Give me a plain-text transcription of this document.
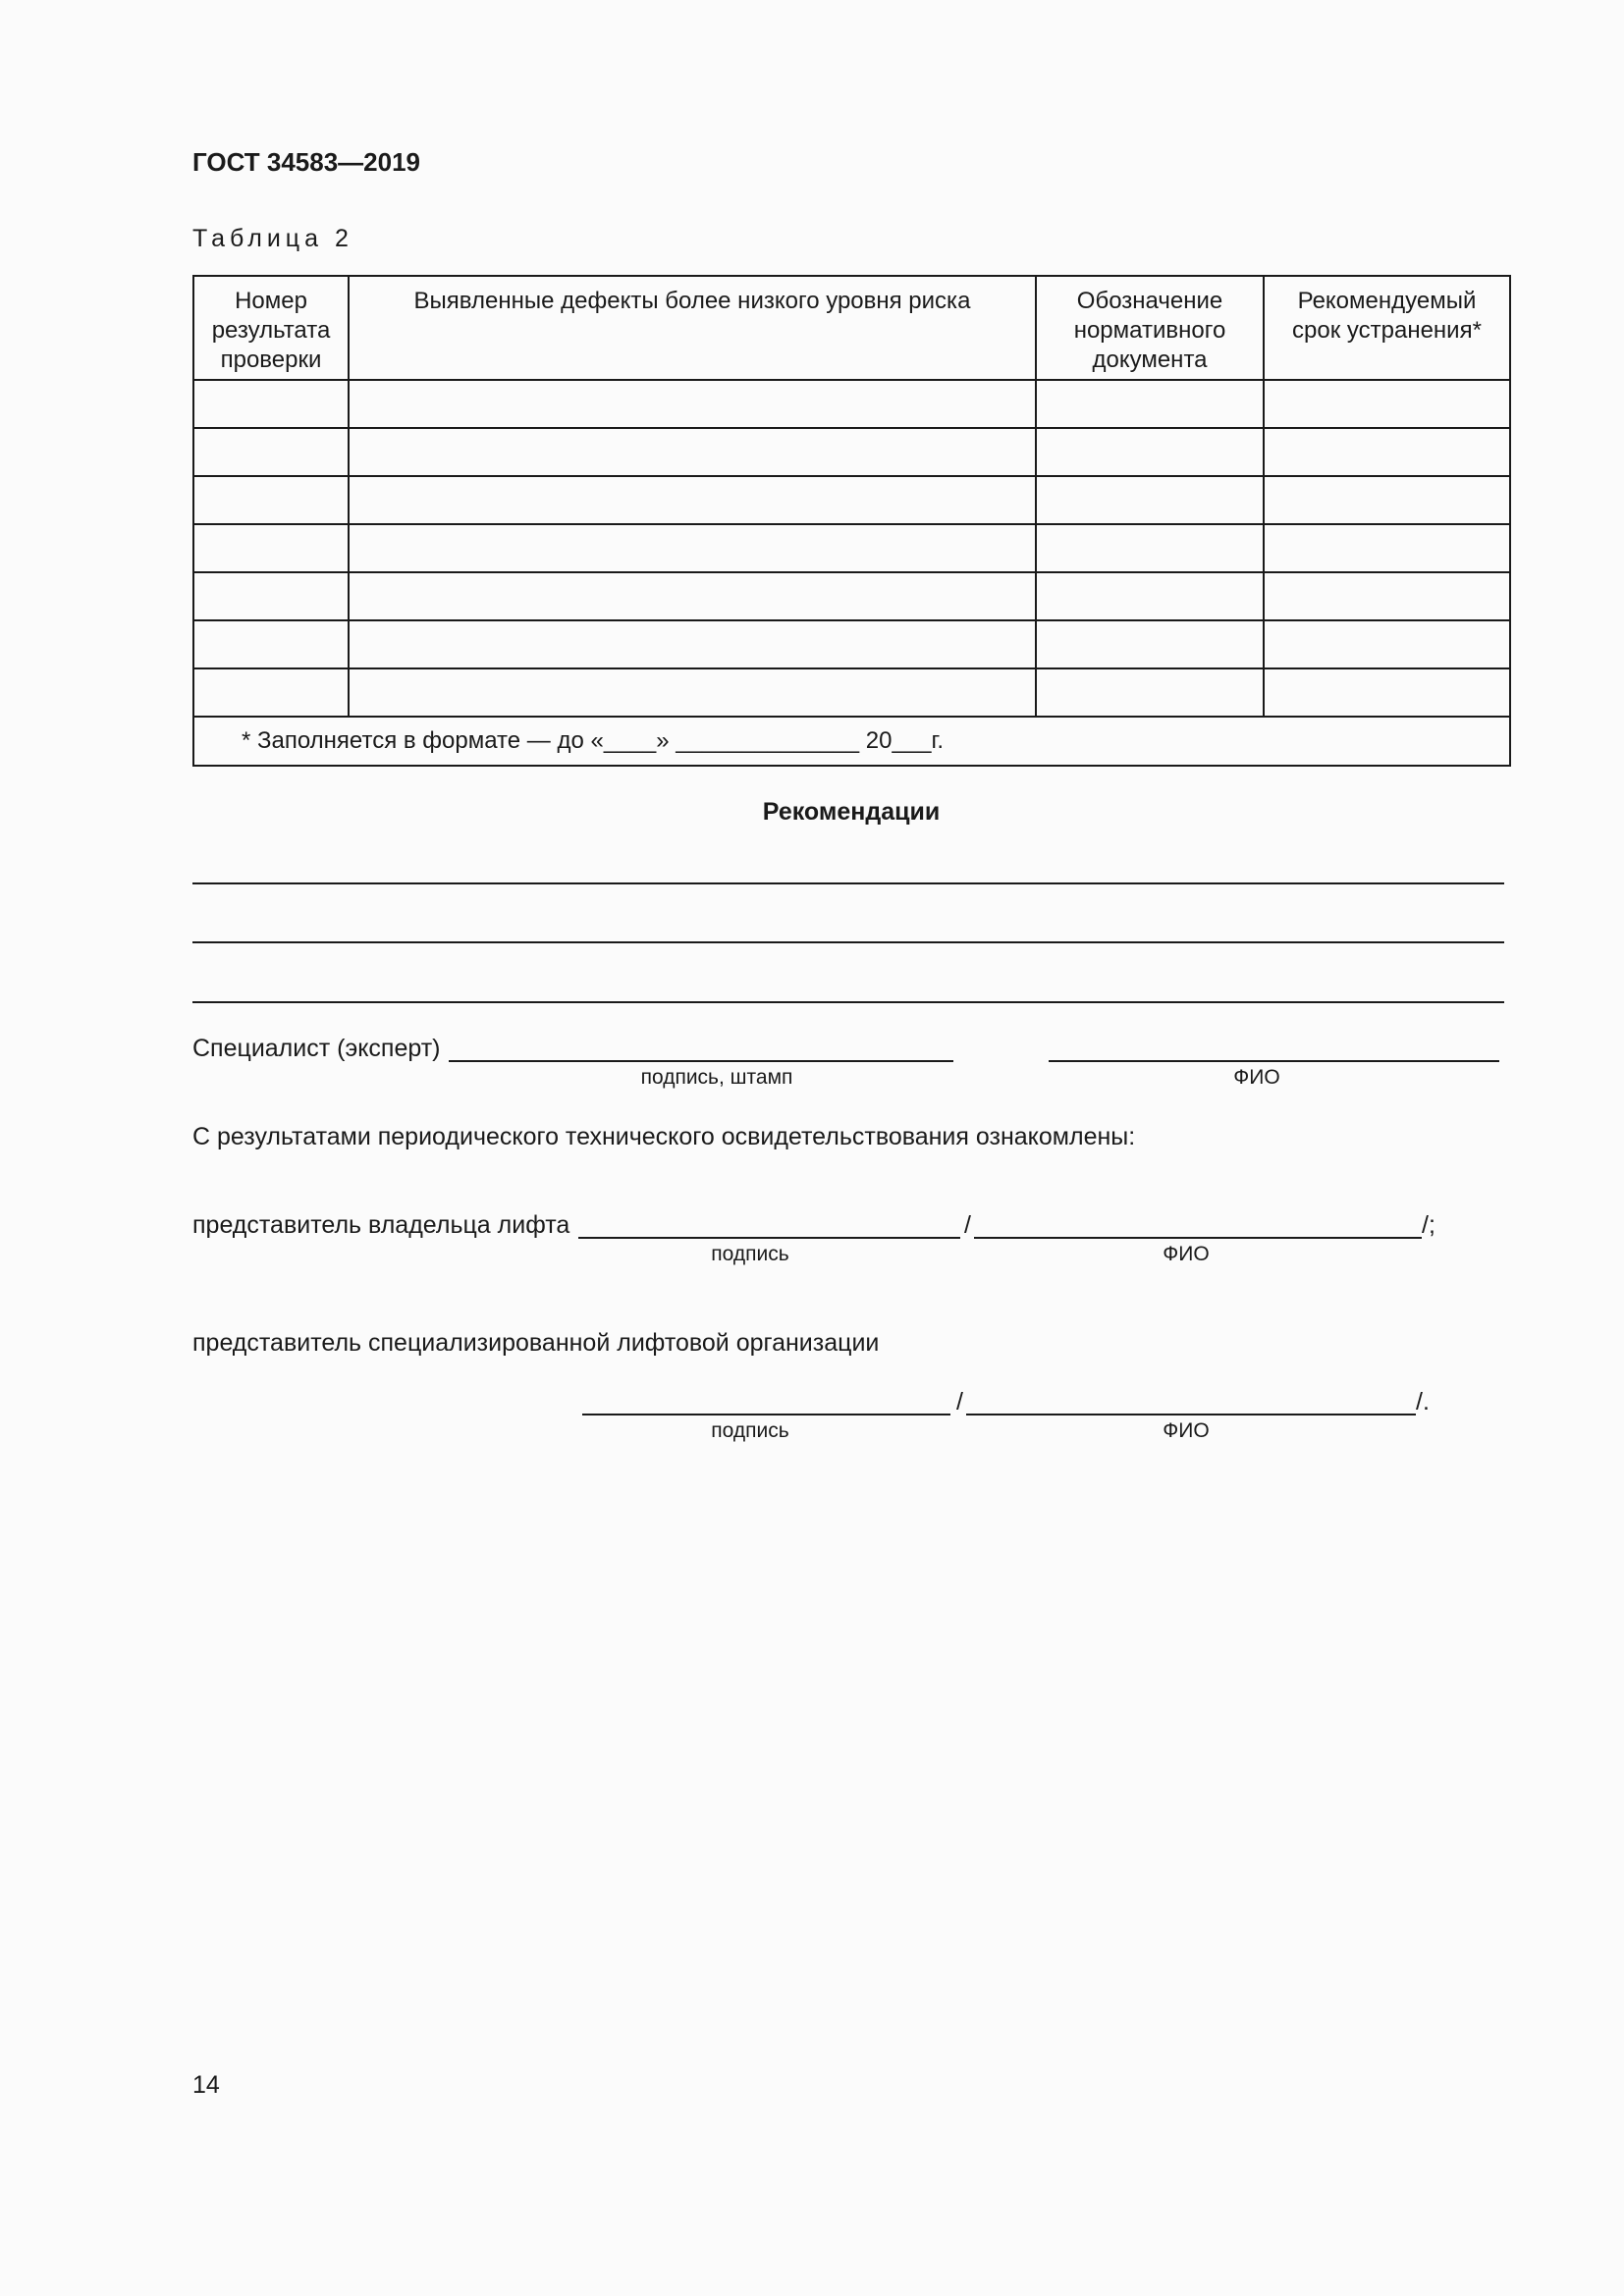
ГОСТ 34583—2019
Таблица 2
Номер результата проверки	Выявленные дефекты более низкого уровня риска	Обозначение нормативного документа	Рекомендуемый срок устранения*

* Заполняется в формате — до «____» ______________ 20___г.			
Рекомендации
Специалист (эксперт)
подпись, штамп	ФИО
С результатами периодического технического освидетельствования ознакомлены:
представитель владельца лифта	/	/;
подпись	ФИО
представитель специализированной лифтовой организации
/	/.
подпись	ФИО
14
